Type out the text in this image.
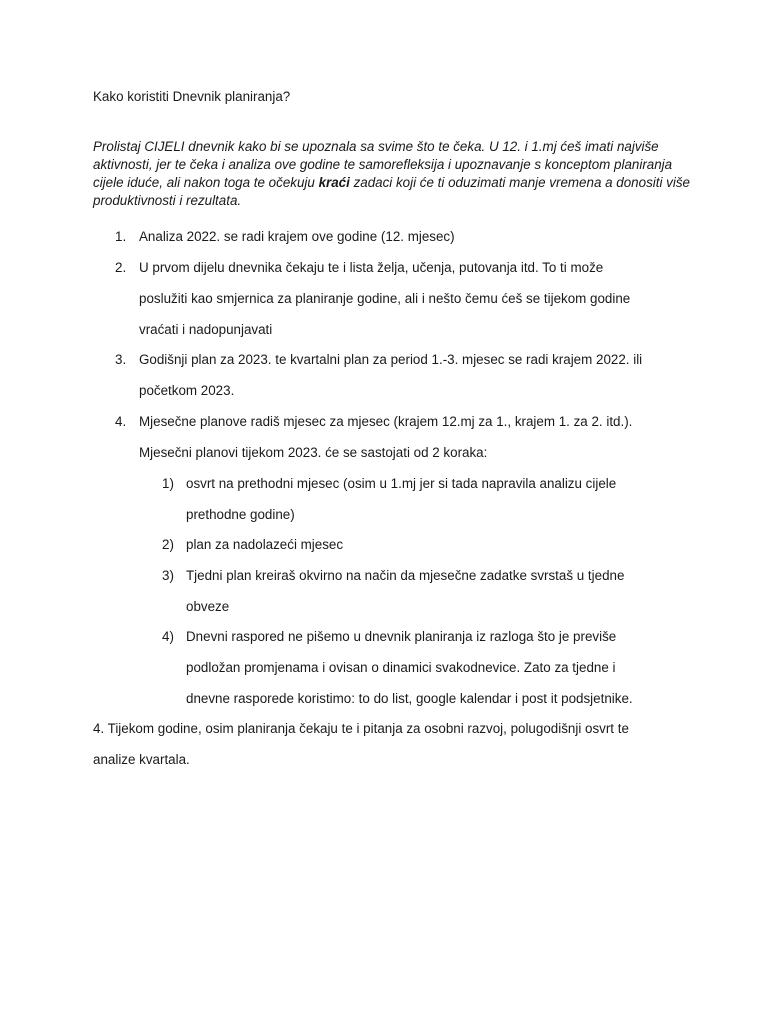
Kako koristiti Dnevnik planiranja?

Prolistaj CIJELI dnevnik kako bi se upoznala sa svime što te čeka. U 12. i 1.mj ćeš imati najviše aktivnosti, jer te čeka i analiza ove godine te samorefleksija i upoznavanje s konceptom planiranja cijele iduće, ali nakon toga te očekuju kraći zadaci koji će ti oduzimati manje vremena a donositi više produktivnosti i rezultata.

1. Analiza 2022. se radi krajem ove godine (12. mjesec)
2. U prvom dijelu dnevnika čekaju te i lista želja, učenja, putovanja itd. To ti može
poslužiti kao smjernica za planiranje godine, ali i nešto čemu ćeš se tijekom godine
vraćati i nadopunjavati
3. Godišnji plan za 2023. te kvartalni plan za period 1.-3. mjesec se radi krajem 2022. ili
početkom 2023.
4. Mjesečne planove radiš mjesec za mjesec (krajem 12.mj za 1., krajem 1. za 2. itd.).
Mjesečni planovi tijekom 2023. će se sastojati od 2 koraka:
1) osvrt na prethodni mjesec (osim u 1.mj jer si tada napravila analizu cijele
prethodne godine)
2) plan za nadolazeći mjesec
3) Tjedni plan kreiraš okvirno na način da mjesečne zadatke svrstaš u tjedne
obveze
4) Dnevni raspored ne pišemo u dnevnik planiranja iz razloga što je previše
podložan promjenama i ovisan o dinamici svakodnevice. Zato za tjedne i
dnevne rasporede koristimo: to do list, google kalendar i post it podsjetnike.
4. Tijekom godine, osim planiranja čekaju te i pitanja za osobni razvoj, polugodišnji osvrt te
analize kvartala.
